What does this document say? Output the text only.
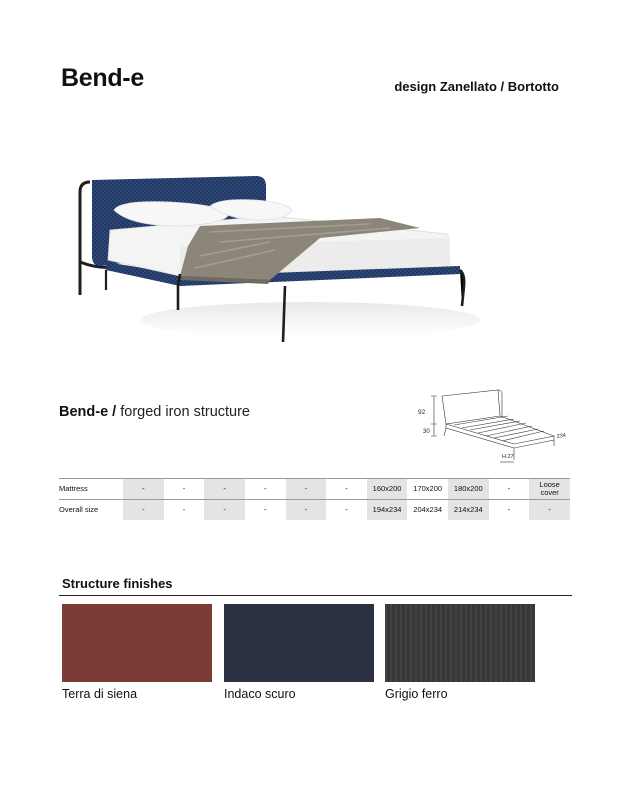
Bend-e	design Zanellato / Bortotto
Bend-e / forged iron structure	92
30
234
H.27
Mattress	-	-	-	-	-	-	160x200	170x200	180x200	-	Loose cover
Overall size	-	-	-	-	-	-	194x234	204x234	214x234	-	-
Structure finishes
Terra di siena	Indaco scuro	Grigio ferro
